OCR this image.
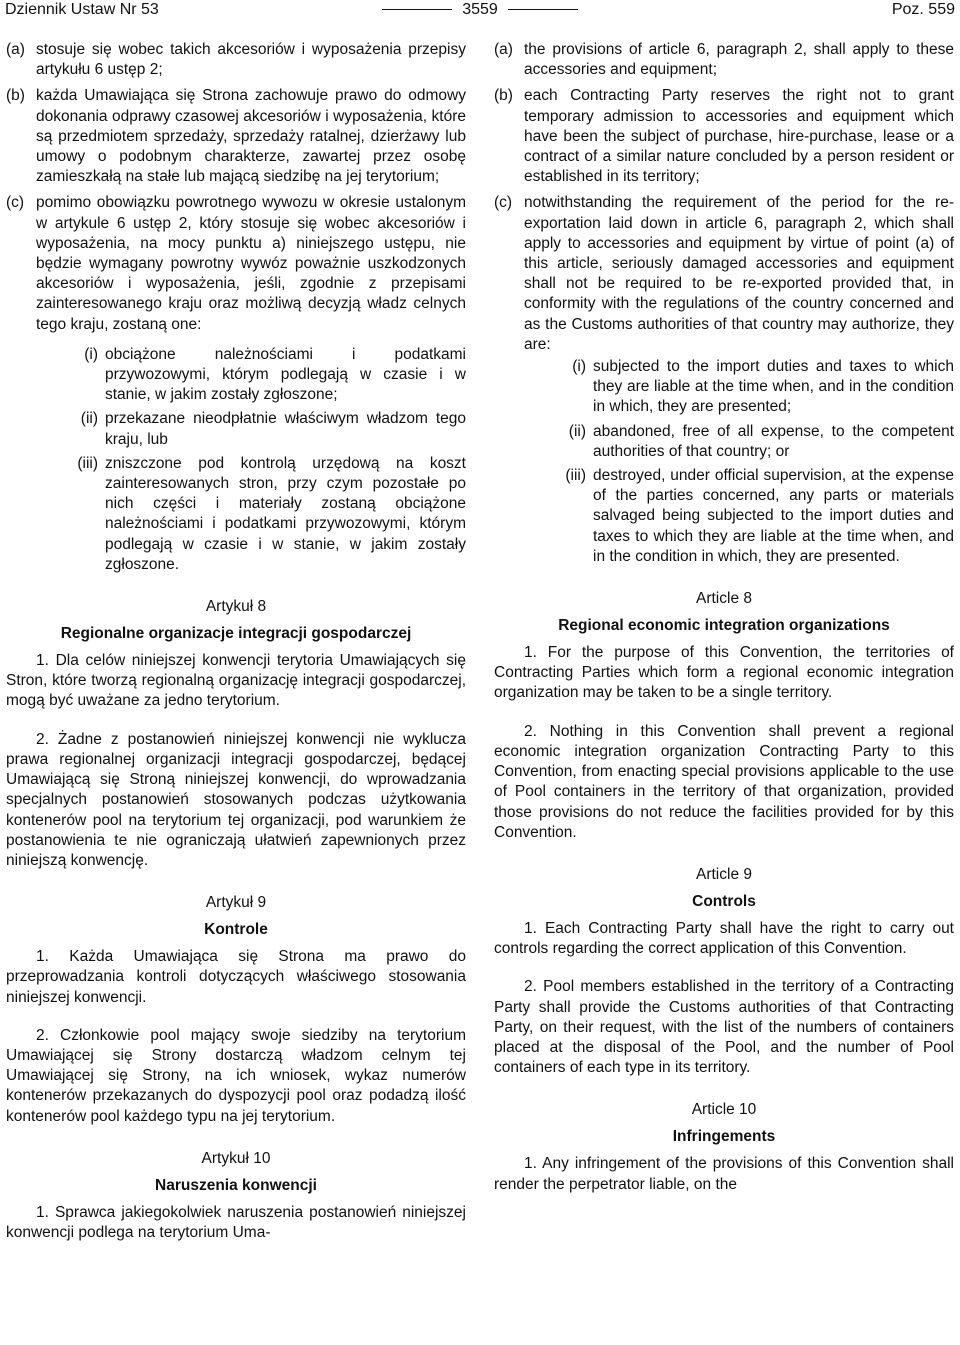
Dziennik Ustaw Nr 53	3559	Poz. 559
(a) stosuje się wobec takich akcesoriów i wyposażenia przepisy artykułu 6 ustęp 2;
(b) każda Umawiająca się Strona zachowuje prawo do odmowy dokonania odprawy czasowej akcesoriów i wyposażenia, które są przedmiotem sprzedaży, sprzedaży ratalnej, dzierżawy lub umowy o podobnym charakterze, zawartej przez osobę zamieszkałą na stałe lub mającą siedzibę na jej terytorium;
(c) pomimo obowiązku powrotnego wywozu w okresie ustalonym w artykule 6 ustęp 2, który stosuje się wobec akcesoriów i wyposażenia, na mocy punktu a) niniejszego ustępu, nie będzie wymagany powrotny wywóz poważnie uszkodzonych akcesoriów i wyposażenia, jeśli, zgodnie z przepisami zainteresowanego kraju oraz możliwą decyzją władz celnych tego kraju, zostaną one:
(i) obciążone należnościami i podatkami przywozowymi, którym podlegają w czasie i w stanie, w jakim zostały zgłoszone;
(ii) przekazane nieodpłatnie właściwym władzom tego kraju, lub
(iii) zniszczone pod kontrolą urzędową na koszt zainteresowanych stron, przy czym pozostałe po nich części i materiały zostaną obciążone należnościami i podatkami przywozowymi, którym podlegają w czasie i w stanie, w jakim zostały zgłoszone.
Artykuł 8
Regionalne organizacje integracji gospodarczej

1. Dla celów niniejszej konwencji terytoria Umawiających się Stron, które tworzą regionalną organizację integracji gospodarczej, mogą być uważane za jedno terytorium.

2. Żadne z postanowień niniejszej konwencji nie wyklucza prawa regionalnej organizacji integracji gospodarczej, będącej Umawiającą się Stroną niniejszej konwencji, do wprowadzania specjalnych postanowień stosowanych podczas użytkowania kontenerów pool na terytorium tej organizacji, pod warunkiem że postanowienia te nie ograniczają ułatwień zapewnionych przez niniejszą konwencję.

Artykuł 9
Kontrole

1. Każda Umawiająca się Strona ma prawo do przeprowadzania kontroli dotyczących właściwego stosowania niniejszej konwencji.

2. Członkowie pool mający swoje siedziby na terytorium Umawiającej się Strony dostarczą władzom celnym tej Umawiającej się Strony, na ich wniosek, wykaz numerów kontenerów przekazanych do dyspozycji pool oraz podadzą ilość kontenerów pool każdego typu na jej terytorium.

Artykuł 10
Naruszenia konwencji

1. Sprawca jakiegokolwiek naruszenia postanowień niniejszej konwencji podlega na terytorium Uma-

(a) the provisions of article 6, paragraph 2, shall apply to these accessories and equipment;
(b) each Contracting Party reserves the right not to grant temporary admission to accessories and equipment which have been the subject of purchase, hire-purchase, lease or a contract of a similar nature concluded by a person resident or established in its territory;
(c) notwithstanding the requirement of the period for the re-exportation laid down in article 6, paragraph 2, which shall apply to accessories and equipment by virtue of point (a) of this article, seriously damaged accessories and equipment shall not be required to be re-exported provided that, in conformity with the regulations of the country concerned and as the Customs authorities of that country may authorize, they are:
(i) subjected to the import duties and taxes to which they are liable at the time when, and in the condition in which, they are presented;
(ii) abandoned, free of all expense, to the competent authorities of that country; or
(iii) destroyed, under official supervision, at the expense of the parties concerned, any parts or materials salvaged being subjected to the import duties and taxes to which they are liable at the time when, and in the condition in which, they are presented.
Article 8
Regional economic integration organizations

1. For the purpose of this Convention, the territories of Contracting Parties which form a regional economic integration organization may be taken to be a single territory.

2. Nothing in this Convention shall prevent a regional economic integration organization Contracting Party to this Convention, from enacting special provisions applicable to the use of Pool containers in the territory of that organization, provided those provisions do not reduce the facilities provided for by this Convention.

Article 9
Controls

1. Each Contracting Party shall have the right to carry out controls regarding the correct application of this Convention.

2. Pool members established in the territory of a Contracting Party shall provide the Customs authorities of that Contracting Party, on their request, with the list of the numbers of containers placed at the disposal of the Pool, and the number of Pool containers of each type in its territory.

Article 10
Infringements

1. Any infringement of the provisions of this Convention shall render the perpetrator liable, on the
